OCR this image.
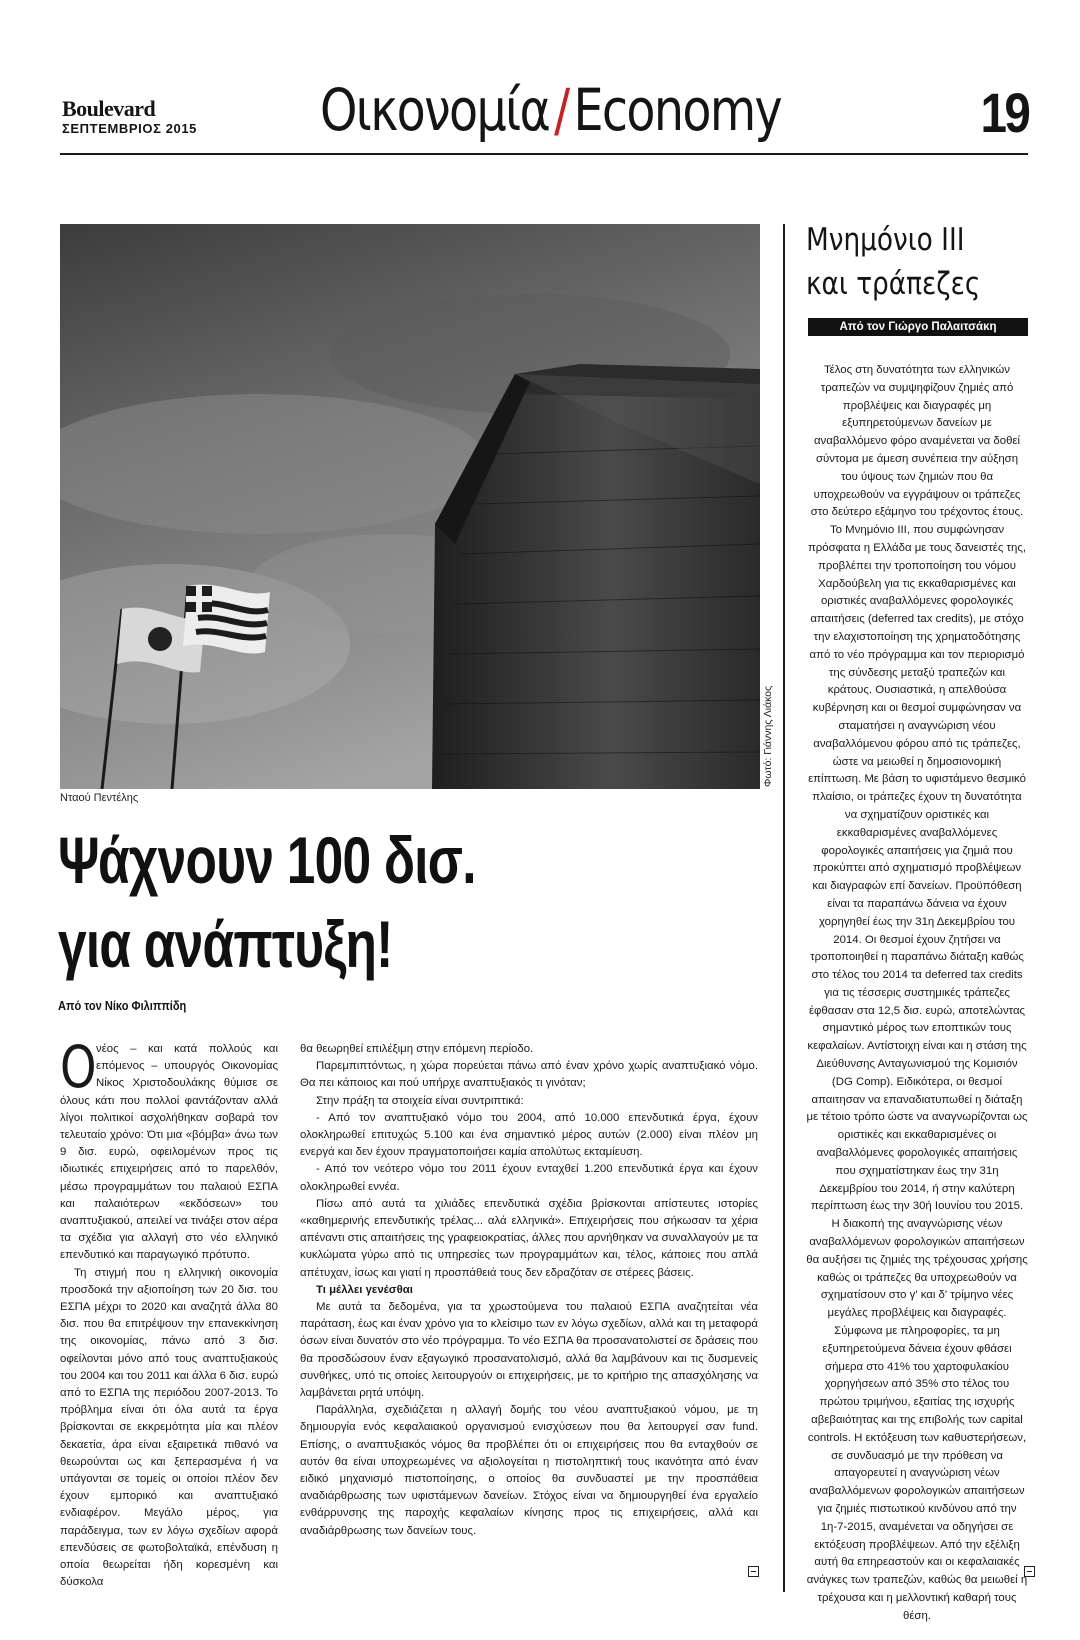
Boulevard
ΣΕΠΤΕΜΒΡΙΟΣ 2015 Οικονομία/Economy	19
Φωτό: Γιάννης Λιάκος
Νταού Πεντέλης
Ψάχνουν 100 δισ.
για ανάπτυξη!
Από τον Νίκο Φιλιππίδη

Ονέος – και κατά πολλούς και επόμενος – υπουργός Οικονομίας Νίκος Χριστοδουλάκης θύμισε σε όλους κάτι που πολλοί φαντάζονταν αλλά λίγοι πολιτικοί ασχολήθηκαν σοβαρά τον τελευταίο χρόνο: Ότι μια «βόμβα» άνω των 9 δισ. ευρώ, οφειλομένων προς τις ιδιωτικές επιχειρήσεις από το παρελθόν, μέσω προγραμμάτων του παλαιού ΕΣΠΑ και παλαιότερων «εκδόσεων» του αναπτυξιακού, απειλεί να τινάξει στον αέρα τα σχέδια για αλλαγή στο νέο ελληνικό επενδυτικό και παραγωγικό πρότυπο.

Τη στιγμή που η ελληνική οικονομία προσδοκά την αξιοποίηση των 20 δισ. του ΕΣΠΑ μέχρι το 2020 και αναζητά άλλα 80 δισ. που θα επιτρέψουν την επανεκκίνηση της οικονομίας, πάνω από 3 δισ. οφείλονται μόνο από τους αναπτυξιακούς του 2004 και του 2011 και άλλα 6 δισ. ευρώ από το ΕΣΠΑ της περιόδου 2007-2013. Το πρόβλημα είναι ότι όλα αυτά τα έργα βρίσκονται σε εκκρεμότητα μία και πλέον δεκαετία, άρα είναι εξαιρετικά πιθανό να θεωρούνται ως και ξεπερασμένα ή να υπάγονται σε τομείς οι οποίοι πλέον δεν έχουν εμπορικό και αναπτυξιακό ενδιαφέρον. Μεγάλο μέρος, για παράδειγμα, των εν λόγω σχεδίων αφορά επενδύσεις σε φωτοβολταϊκά, επένδυση η οποία θεωρείται ήδη κορεσμένη και δύσκολα

θα θεωρηθεί επιλέξιμη στην επόμενη περίοδο.

Παρεμπιπτόντως, η χώρα πορεύεται πάνω από έναν χρόνο χωρίς αναπτυξιακό νόμο. Θα πει κάποιος και πού υπήρχε αναπτυξιακός τι γινόταν;

Στην πράξη τα στοιχεία είναι συντριπτικά:

- Από τον αναπτυξιακό νόμο του 2004, από 10.000 επενδυτικά έργα, έχουν ολοκληρωθεί επιτυχώς 5.100 και ένα σημαντικό μέρος αυτών (2.000) είναι πλέον μη ενεργά και δεν έχουν πραγματοποιήσει καμία απολύτως εκταμίευση.

- Από τον νεότερο νόμο του 2011 έχουν ενταχθεί 1.200 επενδυτικά έργα και έχουν ολοκληρωθεί εννέα.

Πίσω από αυτά τα χιλιάδες επενδυτικά σχέδια βρίσκονται απίστευτες ιστορίες «καθημερινής επενδυτικής τρέλας... αλά ελληνικά». Επιχειρήσεις που σήκωσαν τα χέρια απέναντι στις απαιτήσεις της γραφειοκρατίας, άλλες που αρνήθηκαν να συναλλαγούν με τα κυκλώματα γύρω από τις υπηρεσίες των προγραμμάτων και, τέλος, κάποιες που απλά απέτυχαν, ίσως και γιατί η προσπάθειά τους δεν εδραζόταν σε στέρεες βάσεις.

Τι μέλλει γενέσθαι

Με αυτά τα δεδομένα, για τα χρωστούμενα του παλαιού ΕΣΠΑ αναζητείται νέα παράταση, έως και έναν χρόνο για το κλείσιμο των εν λόγω σχεδίων, αλλά και τη μεταφορά όσων είναι δυνατόν στο νέο πρόγραμμα. Το νέο ΕΣΠΑ θα προσανατολιστεί σε δράσεις που θα προσδώσουν έναν εξαγωγικό προσανατολισμό, αλλά θα λαμβάνουν και τις δυσμενείς συνθήκες, υπό τις οποίες λειτουργούν οι επιχειρήσεις, με το κριτήριο της απασχόλησης να λαμβάνεται ρητά υπόψη.

Παράλληλα, σχεδιάζεται η αλλαγή δομής του νέου αναπτυξιακού νόμου, με τη δημιουργία ενός κεφαλαιακού οργανισμού ενισχύσεων που θα λειτουργεί σαν fund. Επίσης, ο αναπτυξιακός νόμος θα προβλέπει ότι οι επιχειρήσεις που θα ενταχθούν σε αυτόν θα είναι υποχρεωμένες να αξιολογείται η πιστοληπτική τους ικανότητα από έναν ειδικό μηχανισμό πιστοποίησης, ο οποίος θα συνδυαστεί με την προσπάθεια αναδιάρθρωσης των υφιστάμενων δανείων. Στόχος είναι να δημιουργηθεί ένα εργαλείο ενθάρρυνσης της παροχής κεφαλαίων κίνησης προς τις επιχειρήσεις, αλλά και αναδιάρθρωσης των δανείων τους.

Μνημόνιο ΙΙΙ
και τράπεζες
Από τον Γιώργο Παλαιτσάκη

Τέλος στη δυνατότητα των ελληνικών τραπεζών να συμψηφίζουν ζημιές από προβλέψεις και διαγραφές μη εξυπηρετούμενων δανείων με αναβαλλόμενο φόρο αναμένεται να δοθεί σύντομα με άμεση συνέπεια την αύξηση του ύψους των ζημιών που θα υποχρεωθούν να εγγράψουν οι τράπεζες στο δεύτερο εξάμηνο του τρέχοντος έτους. Το Μνημόνιο ΙΙΙ, που συμφώνησαν πρόσφατα η Ελλάδα με τους δανειστές της, προβλέπει την τροποποίηση του νόμου Χαρδούβελη για τις εκκαθαρισμένες και οριστικές αναβαλλόμενες φορολογικές απαιτήσεις (deferred tax credits), με στόχο την ελαχιστοποίηση της χρηματοδότησης από το νέο πρόγραμμα και τον περιορισμό της σύνδεσης μεταξύ τραπεζών και κράτους. Ουσιαστικά, η απελθούσα κυβέρνηση και οι θεσμοί συμφώνησαν να σταματήσει η αναγνώριση νέου αναβαλλόμενου φόρου από τις τράπεζες, ώστε να μειωθεί η δημοσιονομική επίπτωση. Με βάση το υφιστάμενο θεσμικό πλαίσιο, οι τράπεζες έχουν τη δυνατότητα να σχηματίζουν οριστικές και εκκαθαρισμένες αναβαλλόμενες φορολογικές απαιτήσεις για ζημιά που προκύπτει από σχηματισμό προβλέψεων και διαγραφών επί δανείων. Προϋπόθεση είναι τα παραπάνω δάνεια να έχουν χορηγηθεί έως την 31η Δεκεμβρίου του 2014. Οι θεσμοί έχουν ζητήσει να τροποποιηθεί η παραπάνω διάταξη καθώς στο τέλος του 2014 τα deferred tax credits για τις τέσσερις συστημικές τράπεζες έφθασαν στα 12,5 δισ. ευρώ, αποτελώντας σημαντικό μέρος των εποπτικών τους κεφαλαίων. Αντίστοιχη είναι και η στάση της Διεύθυνσης Ανταγωνισμού της Κομισιόν (DG Comp). Ειδικότερα, οι θεσμοί απαιτησαν να επαναδιατυπωθεί η διάταξη με τέτοιο τρόπο ώστε να αναγνωρίζονται ως οριστικές και εκκαθαρισμένες οι αναβαλλόμενες φορολογικές απαιτήσεις που σχηματίστηκαν έως την 31η Δεκεμβρίου του 2014, ή στην καλύτερη περίπτωση έως την 30ή Ιουνίου του 2015. Η διακοπή της αναγνώρισης νέων αναβαλλόμενων φορολογικών απαιτήσεων θα αυξήσει τις ζημιές της τρέχουσας χρήσης καθώς οι τράπεζες θα υποχρεωθούν να σχηματίσουν στο γ' και δ' τρίμηνο νέες μεγάλες προβλέψεις και διαγραφές. Σύμφωνα με πληροφορίες, τα μη εξυπηρετούμενα δάνεια έχουν φθάσει σήμερα στο 41% του χαρτοφυλακίου χορηγήσεων από 35% στο τέλος του πρώτου τριμήνου, εξαιτίας της ισχυρής αβεβαιότητας και της επιβολής των capital controls. Η εκτόξευση των καθυστερήσεων, σε συνδυασμό με την πρόθεση να απαγορευτεί η αναγνώριση νέων αναβαλλόμενων φορολογικών απαιτήσεων για ζημιές πιστωτικού κινδύνου από την 1η-7-2015, αναμένεται να οδηγήσει σε εκτόξευση προβλέψεων. Από την εξέλιξη αυτή θα επηρεαστούν και οι κεφαλαιακές ανάγκες των τραπεζών, καθώς θα μειωθεί η τρέχουσα και η μελλοντική καθαρή τους θέση.
